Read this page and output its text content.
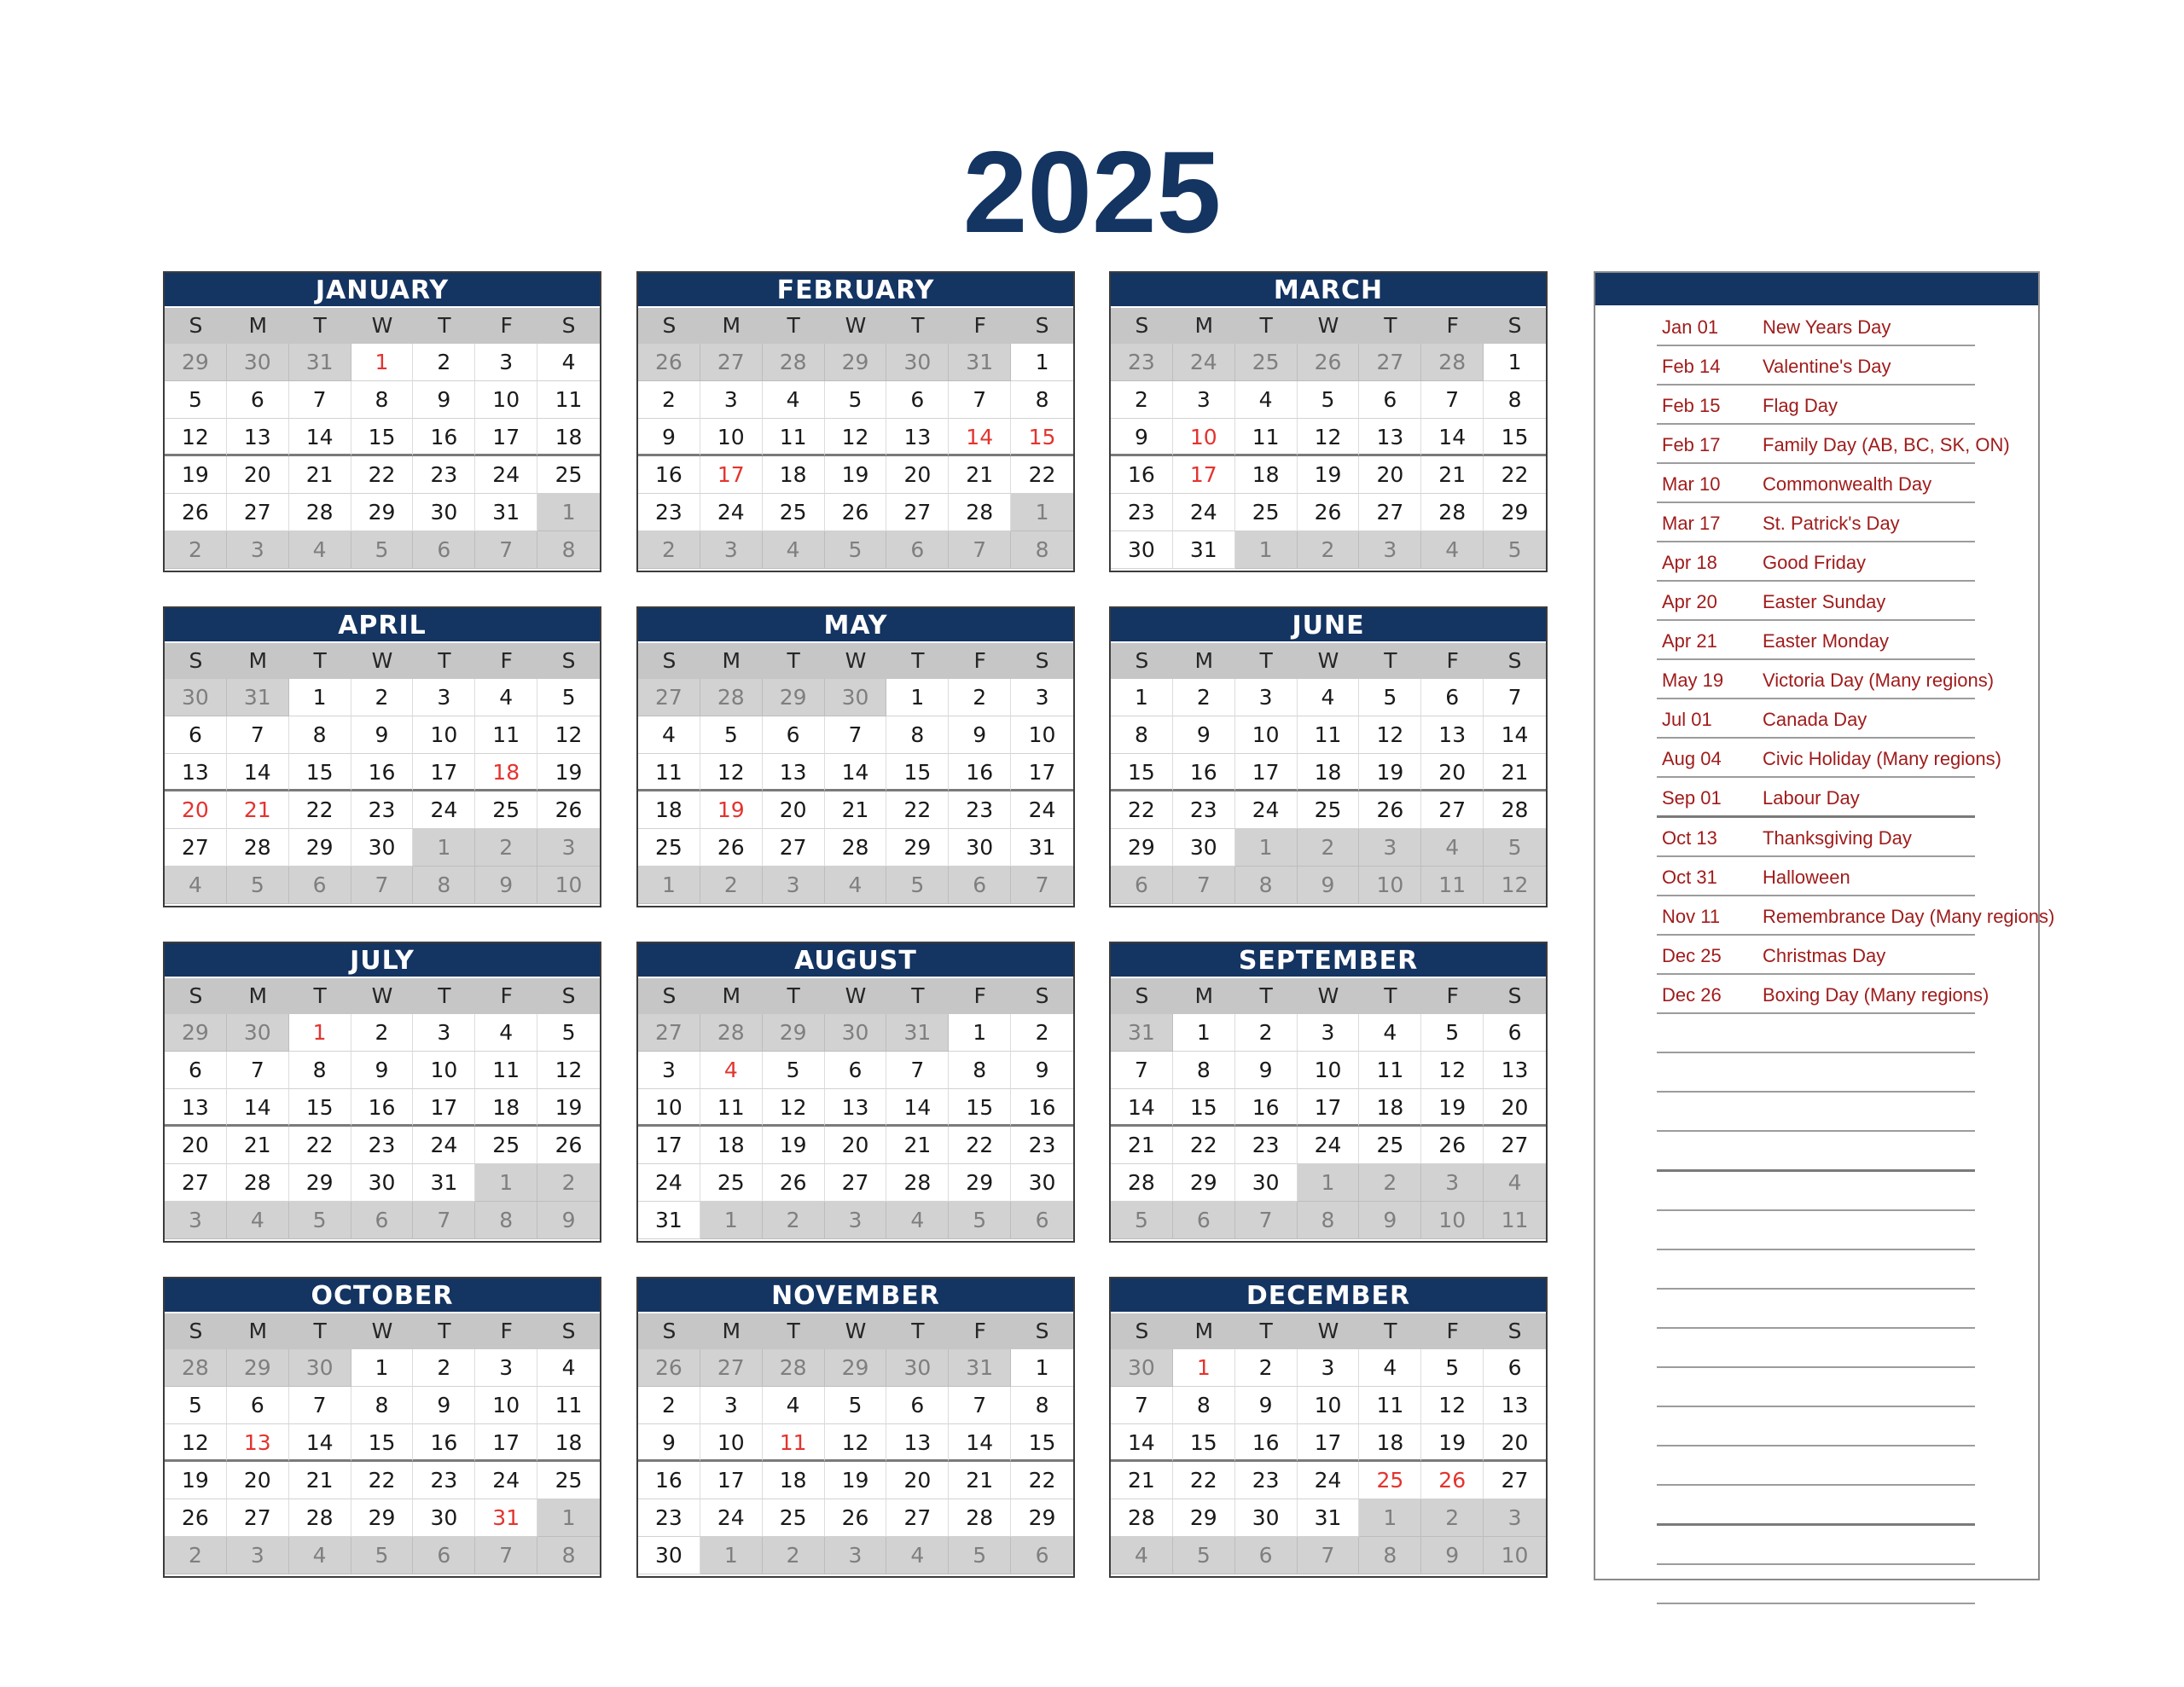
2025
JANUARY
S	M	T	W	T	F	S
29	30	31	1	2	3	4
5	6	7	8	9	10	11
12	13	14	15	16	17	18
19	20	21	22	23	24	25
26	27	28	29	30	31	1
2	3	4	5	6	7	8
FEBRUARY
S	M	T	W	T	F	S
26	27	28	29	30	31	1
2	3	4	5	6	7	8
9	10	11	12	13	14	15
16	17	18	19	20	21	22
23	24	25	26	27	28	1
2	3	4	5	6	7	8
MARCH
S	M	T	W	T	F	S
23	24	25	26	27	28	1
2	3	4	5	6	7	8
9	10	11	12	13	14	15
16	17	18	19	20	21	22
23	24	25	26	27	28	29
30	31	1	2	3	4	5
APRIL
S	M	T	W	T	F	S
30	31	1	2	3	4	5
6	7	8	9	10	11	12
13	14	15	16	17	18	19
20	21	22	23	24	25	26
27	28	29	30	1	2	3
4	5	6	7	8	9	10
MAY
S	M	T	W	T	F	S
27	28	29	30	1	2	3
4	5	6	7	8	9	10
11	12	13	14	15	16	17
18	19	20	21	22	23	24
25	26	27	28	29	30	31
1	2	3	4	5	6	7
JUNE
S	M	T	W	T	F	S
1	2	3	4	5	6	7
8	9	10	11	12	13	14
15	16	17	18	19	20	21
22	23	24	25	26	27	28
29	30	1	2	3	4	5
6	7	8	9	10	11	12
JULY
S	M	T	W	T	F	S
29	30	1	2	3	4	5
6	7	8	9	10	11	12
13	14	15	16	17	18	19
20	21	22	23	24	25	26
27	28	29	30	31	1	2
3	4	5	6	7	8	9
AUGUST
S	M	T	W	T	F	S
27	28	29	30	31	1	2
3	4	5	6	7	8	9
10	11	12	13	14	15	16
17	18	19	20	21	22	23
24	25	26	27	28	29	30
31	1	2	3	4	5	6
SEPTEMBER
S	M	T	W	T	F	S
31	1	2	3	4	5	6
7	8	9	10	11	12	13
14	15	16	17	18	19	20
21	22	23	24	25	26	27
28	29	30	1	2	3	4
5	6	7	8	9	10	11
OCTOBER
S	M	T	W	T	F	S
28	29	30	1	2	3	4
5	6	7	8	9	10	11
12	13	14	15	16	17	18
19	20	21	22	23	24	25
26	27	28	29	30	31	1
2	3	4	5	6	7	8
NOVEMBER
S	M	T	W	T	F	S
26	27	28	29	30	31	1
2	3	4	5	6	7	8
9	10	11	12	13	14	15
16	17	18	19	20	21	22
23	24	25	26	27	28	29
30	1	2	3	4	5	6
DECEMBER
S	M	T	W	T	F	S
30	1	2	3	4	5	6
7	8	9	10	11	12	13
14	15	16	17	18	19	20
21	22	23	24	25	26	27
28	29	30	31	1	2	3
4	5	6	7	8	9	10
Jan 01 New Years Day
Feb 14 Valentine's Day
Feb 15 Flag Day
Feb 17 Family Day (AB, BC, SK, ON)
Mar 10 Commonwealth Day
Mar 17 St. Patrick's Day
Apr 18 Good Friday
Apr 20 Easter Sunday
Apr 21 Easter Monday
May 19 Victoria Day (Many regions)
Jul 01	Canada Day
Aug 04 Civic Holiday (Many regions)
Sep 01 Labour Day
Oct 13 Thanksgiving Day
Oct 31 Halloween
Nov 11 Remembrance Day (Many regions)
Dec 25 Christmas Day
Dec 26 Boxing Day (Many regions)
